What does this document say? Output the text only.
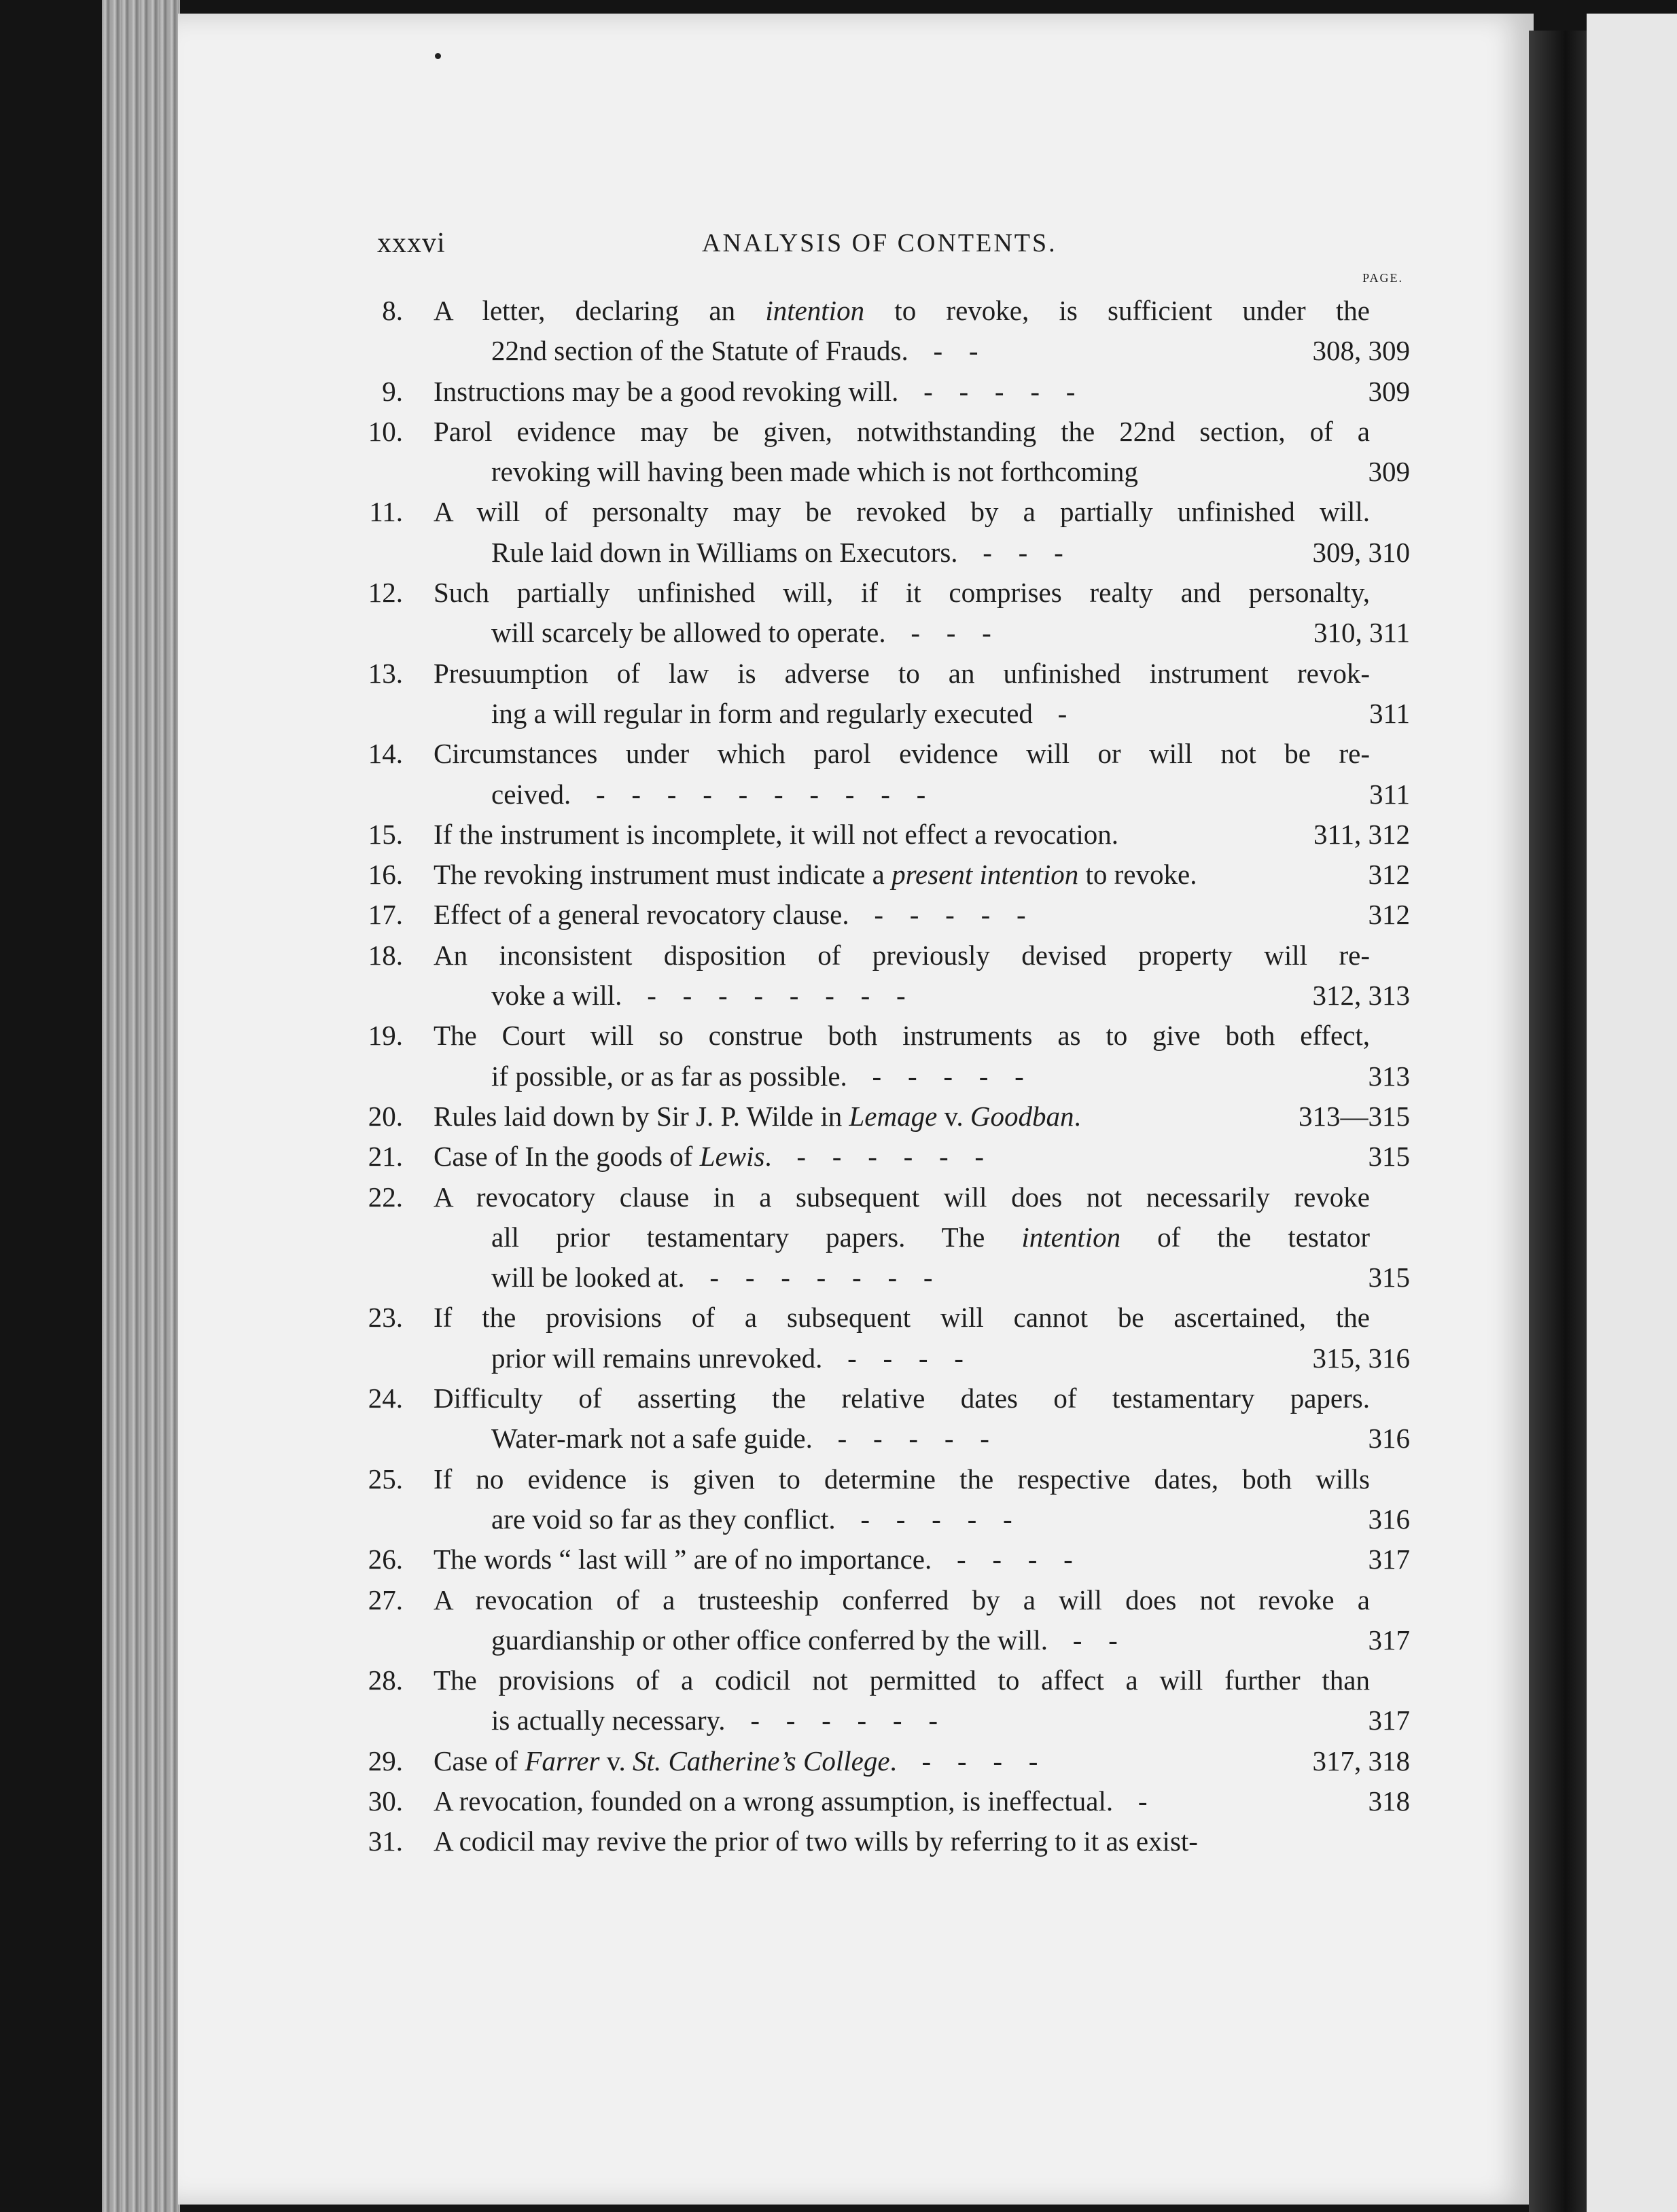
xxxvi	ANALYSIS OF CONTENTS.
PAGE.
8. A letter, declaring an intention to revoke, is sufficient under the
22nd section of the Statute of Frauds.   -   -	308, 309
9. Instructions may be a good revoking will.   -   -   -   -   -	309
10. Parol evidence may be given, notwithstanding the 22nd section, of a
revoking will having been made which is not forthcoming	309
11. A will of personalty may be revoked by a partially unfinished will.
Rule laid down in Williams on Executors.   -   -   -	309, 310
12. Such partially unfinished will, if it comprises realty and personalty,
will scarcely be allowed to operate.   -   -   -	310, 311
13. Presuumption of law is adverse to an unfinished instrument revok-
ing a will regular in form and regularly executed   -	311
14. Circumstances under which parol evidence will or will not be re-
ceived.   -   -   -   -   -   -   -   -   -   -	311
15. If the instrument is incomplete, it will not effect a revocation.	311, 312
16. The revoking instrument must indicate a present intention to revoke.	312
17. Effect of a general revocatory clause.   -   -   -   -   -	312
18. An inconsistent disposition of previously devised property will re-
voke a will.   -   -   -   -   -   -   -   -	312, 313
19. The Court will so construe both instruments as to give both effect,
if possible, or as far as possible.   -   -   -   -   -	313
20. Rules laid down by Sir J. P. Wilde in Lemage v. Goodban.	313—315
21. Case of In the goods of Lewis.   -   -   -   -   -   -	315
22. A revocatory clause in a subsequent will does not necessarily revoke
all prior testamentary papers. The intention of the testator
will be looked at.   -   -   -   -   -   -   -	315
23. If the provisions of a subsequent will cannot be ascertained, the
prior will remains unrevoked.   -   -   -   -	315, 316
24. Difficulty of asserting the relative dates of testamentary papers.
Water-mark not a safe guide.   -   -   -   -   -	316
25. If no evidence is given to determine the respective dates, both wills
are void so far as they conflict.   -   -   -   -   -	316
26. The words “ last will ” are of no importance.   -   -   -   -	317
27. A revocation of a trusteeship conferred by a will does not revoke a
guardianship or other office conferred by the will.   -   -	317
28. The provisions of a codicil not permitted to affect a will further than
is actually necessary.   -   -   -   -   -   -	317
29. Case of Farrer v. St. Catherine’s College.   -   -   -   -	317, 318
30. A revocation, founded on a wrong assumption, is ineffectual.   -	318
31. A codicil may revive the prior of two wills by referring to it as exist-
